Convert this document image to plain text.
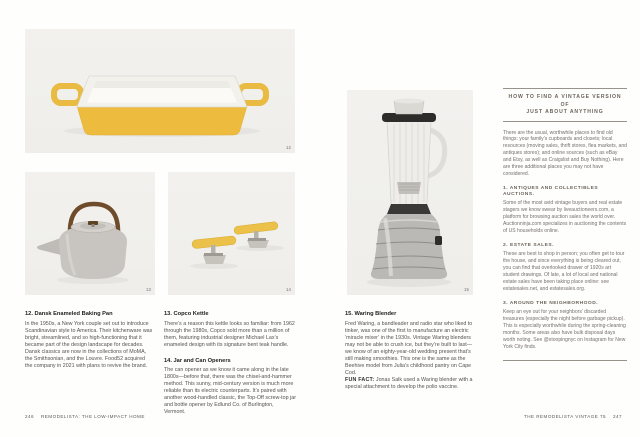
12
13	14	15

12. Dansk Enameled Baking Pan

In the 1950s, a New York couple set out to introduce Scandinavian style to America. Their kitchenware was bright, streamlined, and so high-functioning that it became part of the design landscape for decades. Dansk classics are now in the collections of MoMA, the Smithsonian, and the Louvre. Food52 acquired the company in 2021 with plans to revive the brand.

13. Copco Kettle

There’s a reason this kettle looks so familiar: from 1962 through the 1980s, Copco sold more than a million of them, featuring industrial designer Michael Lax’s enameled design with its signature bent teak handle.

14. Jar and Can Openers

The can opener as we know it came along in the late 1800s—before that, there was the chisel-and-hammer method. This sunny, mid-century version is much more reliable than its electric counterparts. It’s paired with another wood-handled classic, the Top-Off screw-top jar and bottle opener by Edlund Co. of Burlington, Vermont.

15. Waring Blender

Fred Waring, a bandleader and radio star who liked to tinker, was one of the first to manufacture an electric ‘miracle mixer’ in the 1930s. Vintage Waring blenders may not be able to crush ice, but they’re built to last—we know of an eighty-year-old wedding present that’s still making smoothies. This one is the same as the Beehive model from Julia’s childhood pantry on Cape Cod.

FUN FACT: Jonas Salk used a Waring blender with a special attachment to develop the polio vaccine.

HOW TO FIND A VINTAGE VERSION OF
JUST ABOUT ANYTHING

There are the usual, worthwhile places to find old things: your family’s cupboards and closets; local resources (moving sales, thrift stores, flea markets, and antiques stores); and online sources (such as eBay and Etsy, as well as Craigslist and Buy Nothing). Here are three additional places you may not have considered.

1. ANTIQUES AND COLLECTIBLES AUCTIONS.

Some of the most avid vintage buyers and real estate stagers we know swear by liveauctioneers.com, a platform for browsing auction sales the world over. Auctionninja.com specializes in auctioning the contents of US households online.

2. ESTATE SALES.

These are best to shop in person; you often get to tour the house, and since everything is being cleared out, you can find that overlooked drawer of 1920s art student drawings. Of late, a lot of local and national estate sales have been taking place online: see estatesales.net, and estatesales.org.

3. AROUND THE NEIGHBORHOOD.

Keep an eye out for your neighbors’ discarded treasures (especially the night before garbage pickup). This is especially worthwhile during the spring-cleaning months. Some areas also have bulk disposal days worth noting. See @stoopingnyc on Instagram for New York City finds.

246 REMODELISTA: THE LOW-IMPACT HOME	THE REMODELISTA VINTAGE 75 247
